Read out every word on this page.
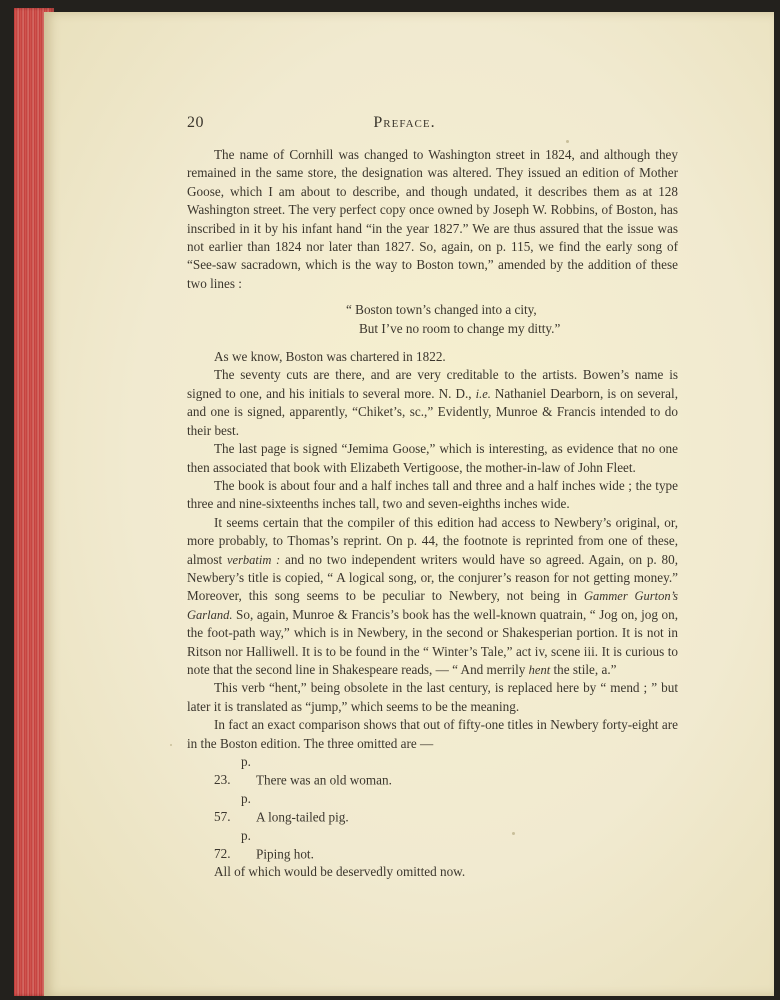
20	Preface.

The name of Cornhill was changed to Washington street in 1824, and although they remained in the same store, the designation was altered. They issued an edition of Mother Goose, which I am about to describe, and though undated, it describes them as at 128 Washington street. The very perfect copy once owned by Joseph W. Robbins, of Boston, has inscribed in it by his infant hand “in the year 1827.” We are thus assured that the issue was not earlier than 1824 nor later than 1827. So, again, on p. 115, we find the early song of “See-saw sacradown, which is the way to Boston town,” amended by the addition of these two lines :

“ Boston town’s changed into a city,

But I’ve no room to change my ditty.”

As we know, Boston was chartered in 1822.

The seventy cuts are there, and are very creditable to the artists. Bowen’s name is signed to one, and his initials to several more. N. D., i.e. Nathaniel Dearborn, is on several, and one is signed, apparently, “Chiket’s, sc.,” Evidently, Munroe & Francis intended to do their best.

The last page is signed “Jemima Goose,” which is interesting, as evidence that no one then associated that book with Elizabeth Vertigoose, the mother-in-law of John Fleet.

The book is about four and a half inches tall and three and a half inches wide ; the type three and nine-sixteenths inches tall, two and seven-eighths inches wide.

It seems certain that the compiler of this edition had access to Newbery’s original, or, more probably, to Thomas’s reprint. On p. 44, the footnote is reprinted from one of these, almost verbatim : and no two independent writers would have so agreed. Again, on p. 80, Newbery’s title is copied, “ A logical song, or, the conjurer’s reason for not getting money.” Moreover, this song seems to be peculiar to Newbery, not being in Gammer Gurton’s Garland. So, again, Munroe & Francis’s book has the well-known quatrain, “ Jog on, jog on, the foot-path way,” which is in Newbery, in the second or Shakesperian portion. It is not in Ritson nor Halliwell. It is to be found in the “ Winter’s Tale,” act iv, scene iii. It is curious to note that the second line in Shakespeare reads, — “ And merrily hent the stile, a.”

This verb “hent,” being obsolete in the last century, is replaced here by “ mend ; ” but later it is translated as “jump,” which seems to be the meaning.

In fact an exact comparison shows that out of fifty-one titles in Newbery forty-eight are in the Boston edition. The three omitted are —

p. 23. There was an old woman.

p. 57. A long-tailed pig.

p. 72. Piping hot.

All of which would be deservedly omitted now.
